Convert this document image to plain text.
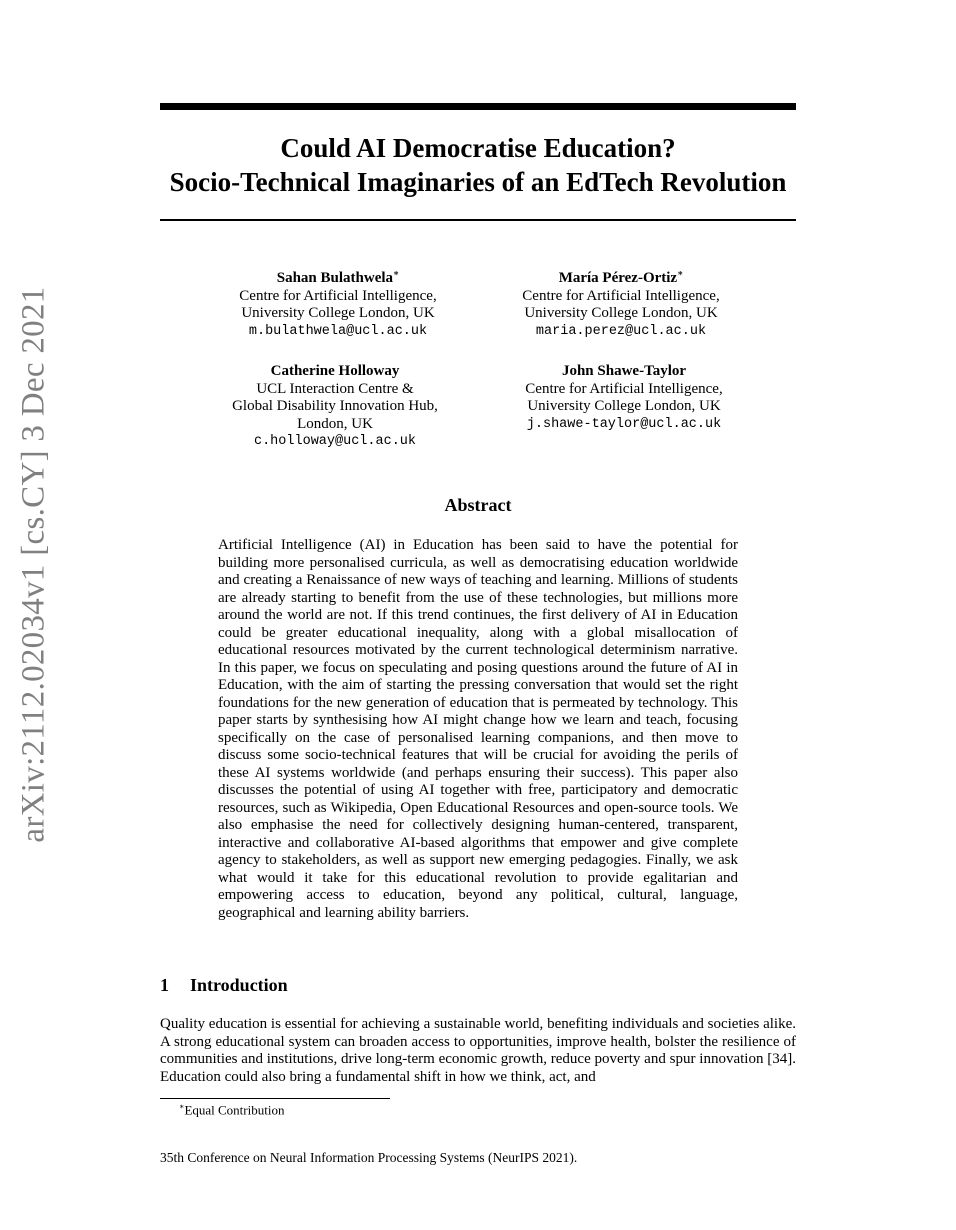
arXiv:2112.02034v1 [cs.CY] 3 Dec 2021
Could AI Democratise Education?
Socio-Technical Imaginaries of an EdTech Revolution
Sahan Bulathwela∗
Centre for Artificial Intelligence,
University College London, UK
m.bulathwela@ucl.ac.uk
María Pérez-Ortiz∗
Centre for Artificial Intelligence,
University College London, UK
maria.perez@ucl.ac.uk
Catherine Holloway
UCL Interaction Centre &
Global Disability Innovation Hub,
London, UK
c.holloway@ucl.ac.uk
John Shawe-Taylor
Centre for Artificial Intelligence,
University College London, UK
j.shawe-taylor@ucl.ac.uk
Abstract

Artificial Intelligence (AI) in Education has been said to have the potential for building more personalised curricula, as well as democratising education worldwide and creating a Renaissance of new ways of teaching and learning. Millions of students are already starting to benefit from the use of these technologies, but millions more around the world are not. If this trend continues, the first delivery of AI in Education could be greater educational inequality, along with a global misallocation of educational resources motivated by the current technological determinism narrative. In this paper, we focus on speculating and posing questions around the future of AI in Education, with the aim of starting the pressing conversation that would set the right foundations for the new generation of education that is permeated by technology. This paper starts by synthesising how AI might change how we learn and teach, focusing specifically on the case of personalised learning companions, and then move to discuss some socio-technical features that will be crucial for avoiding the perils of these AI systems worldwide (and perhaps ensuring their success). This paper also discusses the potential of using AI together with free, participatory and democratic resources, such as Wikipedia, Open Educational Resources and open-source tools. We also emphasise the need for collectively designing human-centered, transparent, interactive and collaborative AI-based algorithms that empower and give complete agency to stakeholders, as well as support new emerging pedagogies. Finally, we ask what would it take for this educational revolution to provide egalitarian and empowering access to education, beyond any political, cultural, language, geographical and learning ability barriers.

1 Introduction

Quality education is essential for achieving a sustainable world, benefiting individuals and societies alike. A strong educational system can broaden access to opportunities, improve health, bolster the resilience of communities and institutions, drive long-term economic growth, reduce poverty and spur innovation [34]. Education could also bring a fundamental shift in how we think, act, and

∗Equal Contribution
35th Conference on Neural Information Processing Systems (NeurIPS 2021).
